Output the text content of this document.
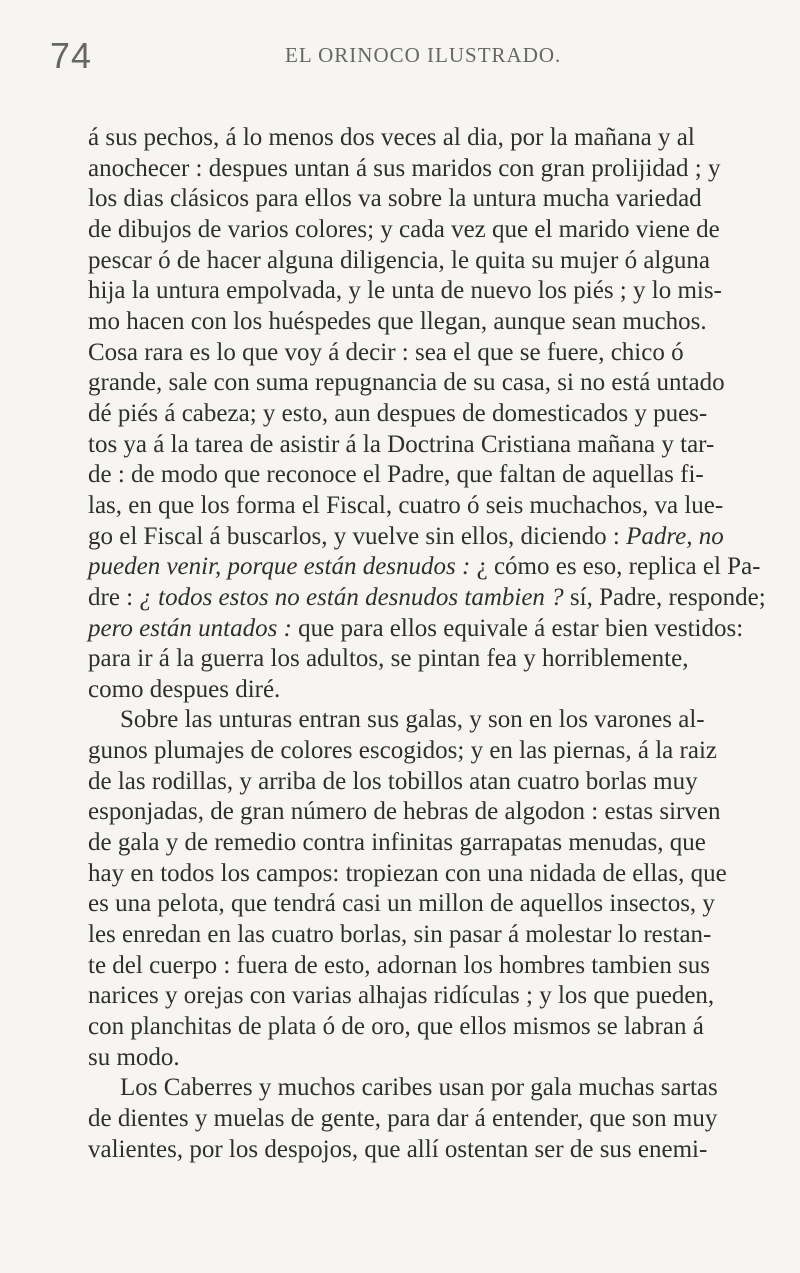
74	EL ORINOCO ILUSTRADO.
á sus pechos, á lo menos dos veces al dia, por la mañana y al
anochecer : despues untan á sus maridos con gran prolijidad ; y
los dias clásicos para ellos va sobre la untura mucha variedad
de dibujos de varios colores; y cada vez que el marido viene de
pescar ó de hacer alguna diligencia, le quita su mujer ó alguna
hija la untura empolvada, y le unta de nuevo los piés ; y lo mis-
mo hacen con los huéspedes que llegan, aunque sean muchos.
Cosa rara es lo que voy á decir : sea el que se fuere, chico ó
grande, sale con suma repugnancia de su casa, si no está untado
dé piés á cabeza; y esto, aun despues de domesticados y pues-
tos ya á la tarea de asistir á la Doctrina Cristiana mañana y tar-
de : de modo que reconoce el Padre, que faltan de aquellas fi-
las, en que los forma el Fiscal, cuatro ó seis muchachos, va lue-
go el Fiscal á buscarlos, y vuelve sin ellos, diciendo : Padre, no
pueden venir, porque están desnudos : ¿ cómo es eso, replica el Pa-
dre : ¿ todos estos no están desnudos tambien ? sí, Padre, responde;
pero están untados : que para ellos equivale á estar bien vestidos:
para ir á la guerra los adultos, se pintan fea y horriblemente,
como despues diré.
Sobre las unturas entran sus galas, y son en los varones al-
gunos plumajes de colores escogidos; y en las piernas, á la raiz
de las rodillas, y arriba de los tobillos atan cuatro borlas muy
esponjadas, de gran número de hebras de algodon : estas sirven
de gala y de remedio contra infinitas garrapatas menudas, que
hay en todos los campos: tropiezan con una nidada de ellas, que
es una pelota, que tendrá casi un millon de aquellos insectos, y
les enredan en las cuatro borlas, sin pasar á molestar lo restan-
te del cuerpo : fuera de esto, adornan los hombres tambien sus
narices y orejas con varias alhajas ridículas ; y los que pueden,
con planchitas de plata ó de oro, que ellos mismos se labran á
su modo.
Los Caberres y muchos caribes usan por gala muchas sartas
de dientes y muelas de gente, para dar á entender, que son muy
valientes, por los despojos, que allí ostentan ser de sus enemi-
